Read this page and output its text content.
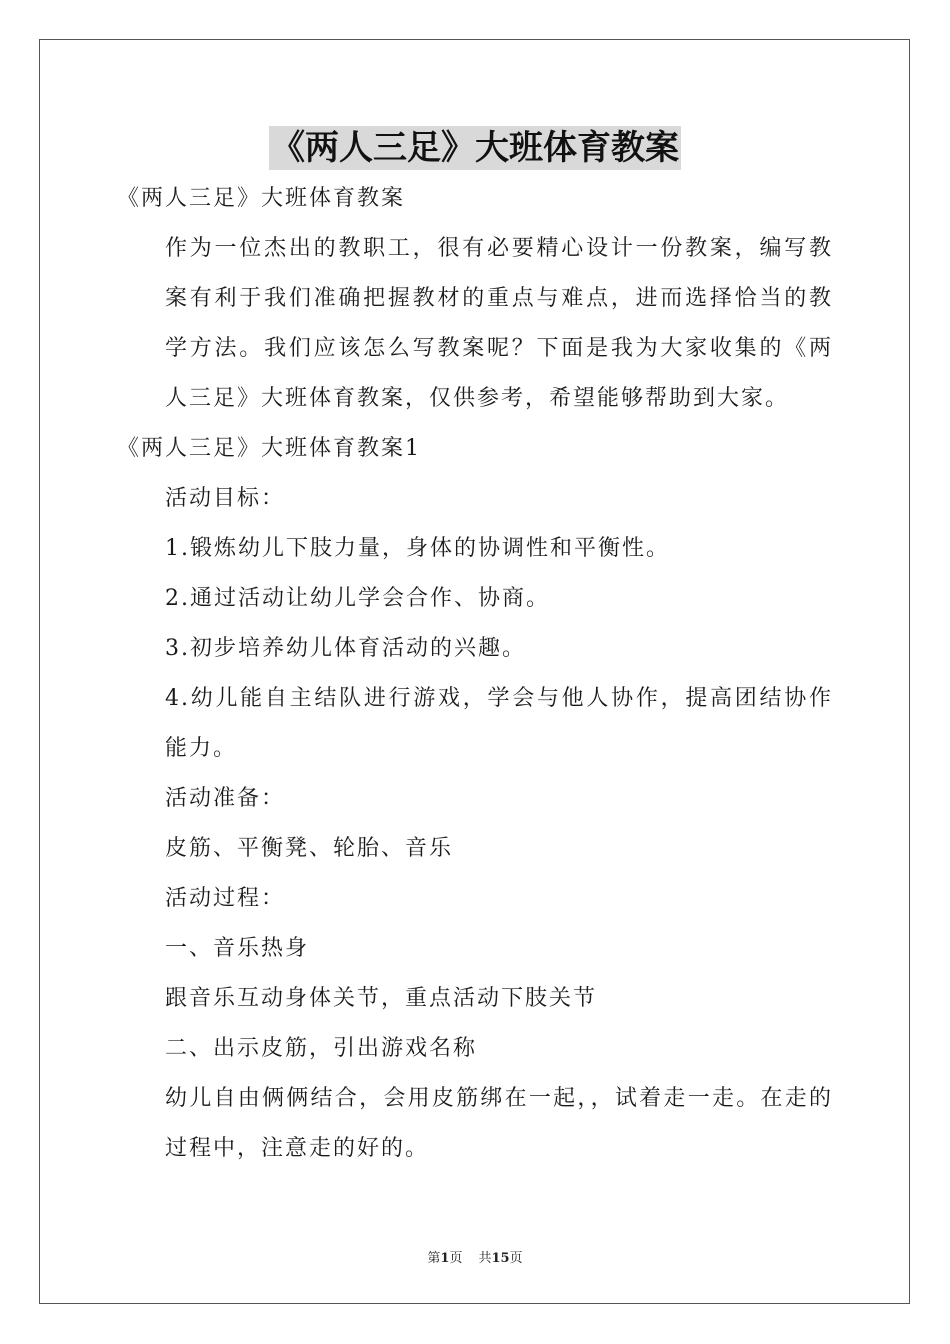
《两人三足》大班体育教案

《两人三足》大班体育教案

作为一位杰出的教职工，很有必要精心设计一份教案，编写教案有利于我们准确把握教材的重点与难点，进而选择恰当的教学方法。我们应该怎么写教案呢？下面是我为大家收集的《两人三足》大班体育教案，仅供参考，希望能够帮助到大家。

《两人三足》大班体育教案1

活动目标：

1.锻炼幼儿下肢力量，身体的协调性和平衡性。

2.通过活动让幼儿学会合作、协商。

3.初步培养幼儿体育活动的兴趣。

4.幼儿能自主结队进行游戏，学会与他人协作，提高团结协作能力。

活动准备：

皮筋、平衡凳、轮胎、音乐

活动过程：

一、音乐热身

跟音乐互动身体关节，重点活动下肢关节

二、出示皮筋，引出游戏名称

幼儿自由俩俩结合，会用皮筋绑在一起，，试着走一走。在走的过程中，注意走的好的。

第1页 共15页
